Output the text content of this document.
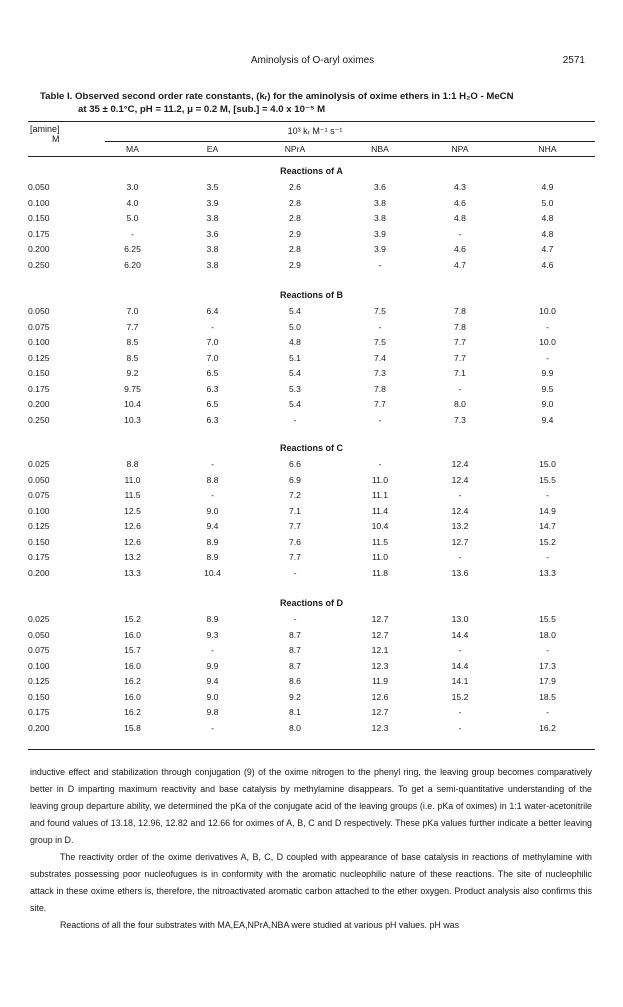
Aminolysis of O-aryl oximes	2571
Table I. Observed second order rate constants, (kᵣ) for the aminolysis of oxime ethers in 1:1 H₂O - MeCN
at 35 ± 0.1°C, pH = 11.2, μ = 0.2 M, [sub.] = 4.0 x 10⁻⁵ M
[amine]
M
10³ kᵣ M⁻¹ s⁻¹
	MA	EA	NPrA	NBA	NPA	NHA
Reactions of A
0.050	3.0	3.5	2.6	3.6	4.3	4.9
0.100	4.0	3.9	2.8	3.8	4.6	5.0
0.150	5.0	3.8	2.8	3.8	4.8	4.8
0.175	-	3.6	2.9	3.9	-	4.8
0.200	6.25	3.8	2.8	3.9	4.6	4.7
0.250	6.20	3.8	2.9	-	4.7	4.6
Reactions of B
0.050	7.0	6.4	5.4	7.5	7.8	10.0
0.075	7.7	-	5.0	-	7.8	-
0.100	8.5	7.0	4.8	7.5	7.7	10.0
0.125	8.5	7.0	5.1	7.4	7.7	-
0.150	9.2	6.5	5.4	7.3	7.1	9.9
0.175	9.75	6.3	5.3	7.8	-	9.5
0.200	10.4	6.5	5.4	7.7	8.0	9.0
0.250	10.3	6.3	-	-	7.3	9.4
Reactions of C
0.025	8.8	-	6.6	-	12.4	15.0
0.050	11.0	8.8	6.9	11.0	12.4	15.5
0.075	11.5	-	7.2	11.1	-	-
0.100	12.5	9.0	7.1	11.4	12.4	14.9
0.125	12.6	9.4	7.7	10.4	13.2	14.7
0.150	12.6	8.9	7.6	11.5	12.7	15.2
0.175	13.2	8.9	7.7	11.0	-	-
0.200	13.3	10.4	-	11.8	13.6	13.3
Reactions of D
0.025	15.2	8.9	-	12.7	13.0	15.5
0.050	16.0	9.3	8.7	12.7	14.4	18.0
0.075	15.7	-	8.7	12.1	-	-
0.100	16.0	9.9	8.7	12.3	14.4	17.3
0.125	16.2	9.4	8.6	11.9	14.1	17.9
0.150	16.0	9.0	9.2	12.6	15.2	18.5
0.175	16.2	9.8	8.1	12.7	-	-
0.200	15.8	-	8.0	12.3	-	16.2

inductive effect and stabilization through conjugation (9) of the oxime nitrogen to the phenyl ring, the leaving group becomes comparatively better in D imparting maximum reactivity and base catalysis by methylamine disappears. To get a semi-quantitative understanding of the leaving group departure ability, we determined the pKa of the conjugate acid of the leaving groups (i.e. pKa of oximes) in 1:1 water-acetonitrile and found values of 13.18, 12.96, 12.82 and 12.66 for oximes of A, B, C and D respectively. These pKa values further indicate a better leaving group in D.

The reactivity order of the oxime derivatives A, B, C, D coupled with appearance of base catalysis in reactions of methylamine with substrates possessing poor nucleofugues is in conformity with the aromatic nucleophilic nature of these reactions. The site of nucleophilic attack in these oxime ethers is, therefore, the nitroactivated aromatic carbon attached to the ether oxygen. Product analysis also confirms this site.

Reactions of all the four substrates with MA,EA,NPrA,NBA were studied at various pH values. pH was
